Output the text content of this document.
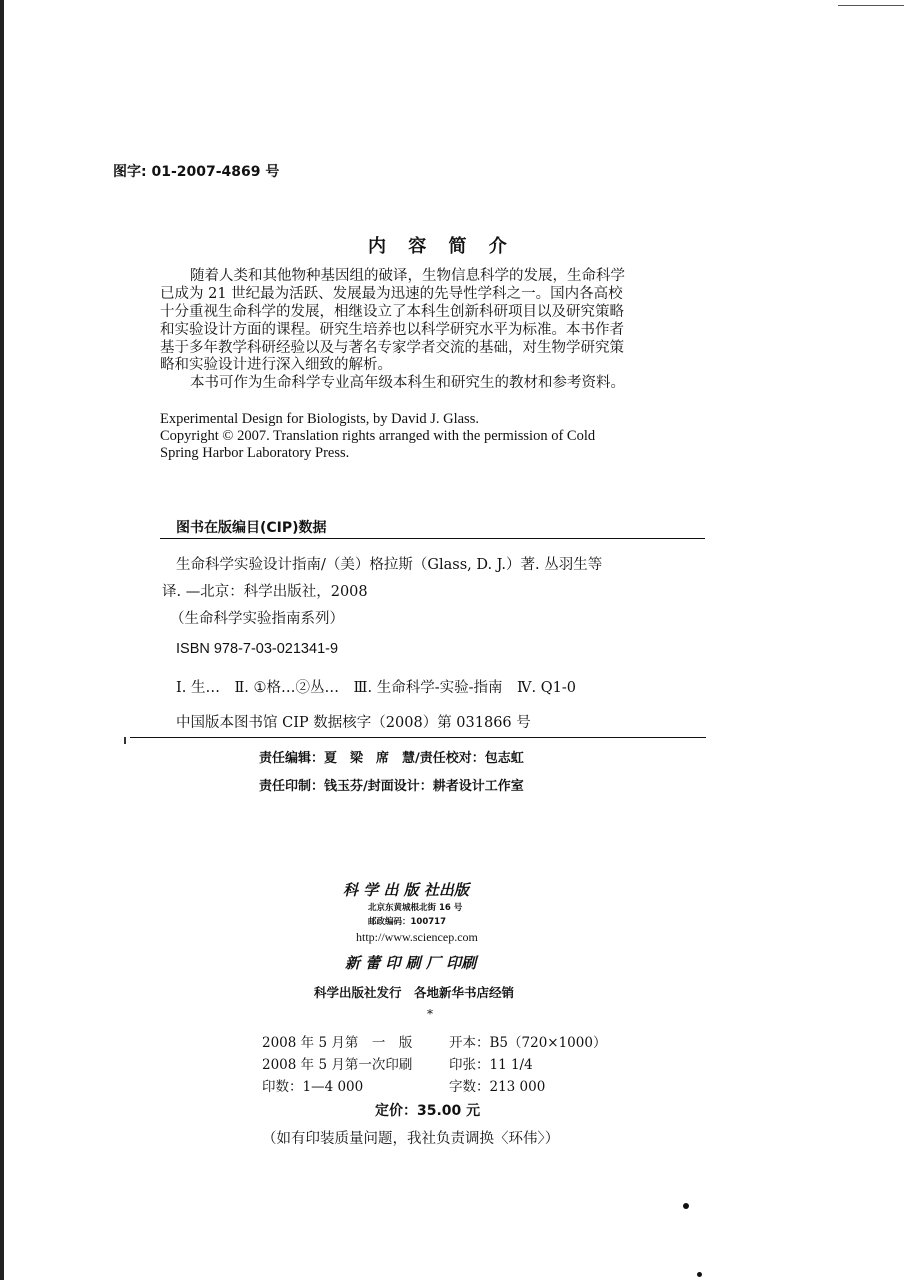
图字: 01-2007-4869 号
内 容 简 介
随着人类和其他物种基因组的破译，生物信息科学的发展，生命科学
已成为 21 世纪最为活跃、发展最为迅速的先导性学科之一。国内各高校
十分重视生命科学的发展，相继设立了本科生创新科研项目以及研究策略
和实验设计方面的课程。研究生培养也以科学研究水平为标准。本书作者
基于多年教学科研经验以及与著名专家学者交流的基础，对生物学研究策
略和实验设计进行深入细致的解析。
本书可作为生命科学专业高年级本科生和研究生的教材和参考资料。
Experimental Design for Biologists, by David J. Glass.
Copyright © 2007. Translation rights arranged with the permission of Cold
Spring Harbor Laboratory Press.
图书在版编目(CIP)数据
生命科学实验设计指南/（美）格拉斯（Glass, D. J.）著. 丛羽生等
译. —北京：科学出版社，2008
（生命科学实验指南系列）
ISBN 978-7-03-021341-9
Ⅰ. 生…　Ⅱ. ①格…②丛…　Ⅲ. 生命科学-实验-指南　Ⅳ. Q1-0
中国版本图书馆 CIP 数据核字（2008）第 031866 号
责任编辑：夏　梁　席　慧/责任校对：包志虹
责任印制：钱玉芬/封面设计：耕者设计工作室
科 学 出 版 社出版
北京东黄城根北街 16 号
邮政编码：100717
http://www.sciencep.com
新 蕾 印 刷 厂 印刷
科学出版社发行　各地新华书店经销
*
2008 年 5 月第　一　版	开本：B5（720×1000）
2008 年 5 月第一次印刷	印张：11 1/4
印数：1—4 000	字数：213 000
定价：35.00 元
（如有印装质量问题，我社负责调换〈环伟〉）
